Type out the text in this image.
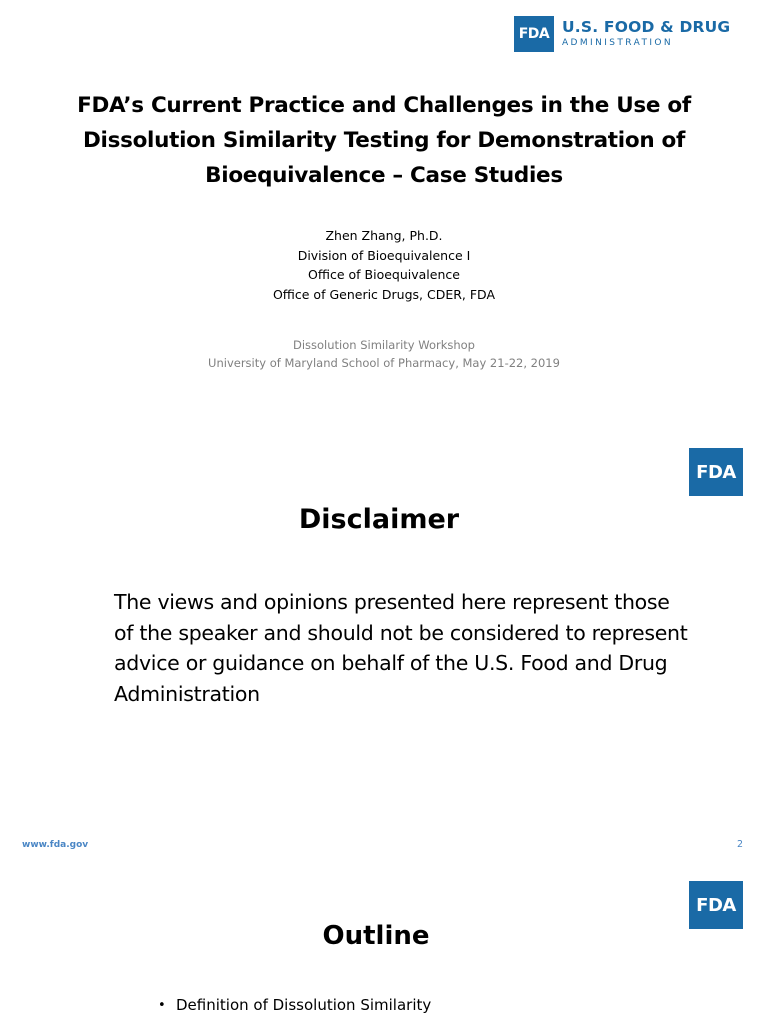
FDA U.S. FOOD & DRUG
ADMINISTRATION
FDA’s Current Practice and Challenges in the Use of
Dissolution Similarity Testing for Demonstration of
Bioequivalence – Case Studies
Zhen Zhang, Ph.D.
Division of Bioequivalence I
Office of Bioequivalence
Office of Generic Drugs, CDER, FDA
Dissolution Similarity Workshop
University of Maryland School of Pharmacy, May 21-22, 2019
FDA
Disclaimer
The views and opinions presented here represent those
of the speaker and should not be considered to represent
advice or guidance on behalf of the U.S. Food and Drug
Administration
www.fda.gov	2
FDA
Outline
• Definition of Dissolution Similarity
